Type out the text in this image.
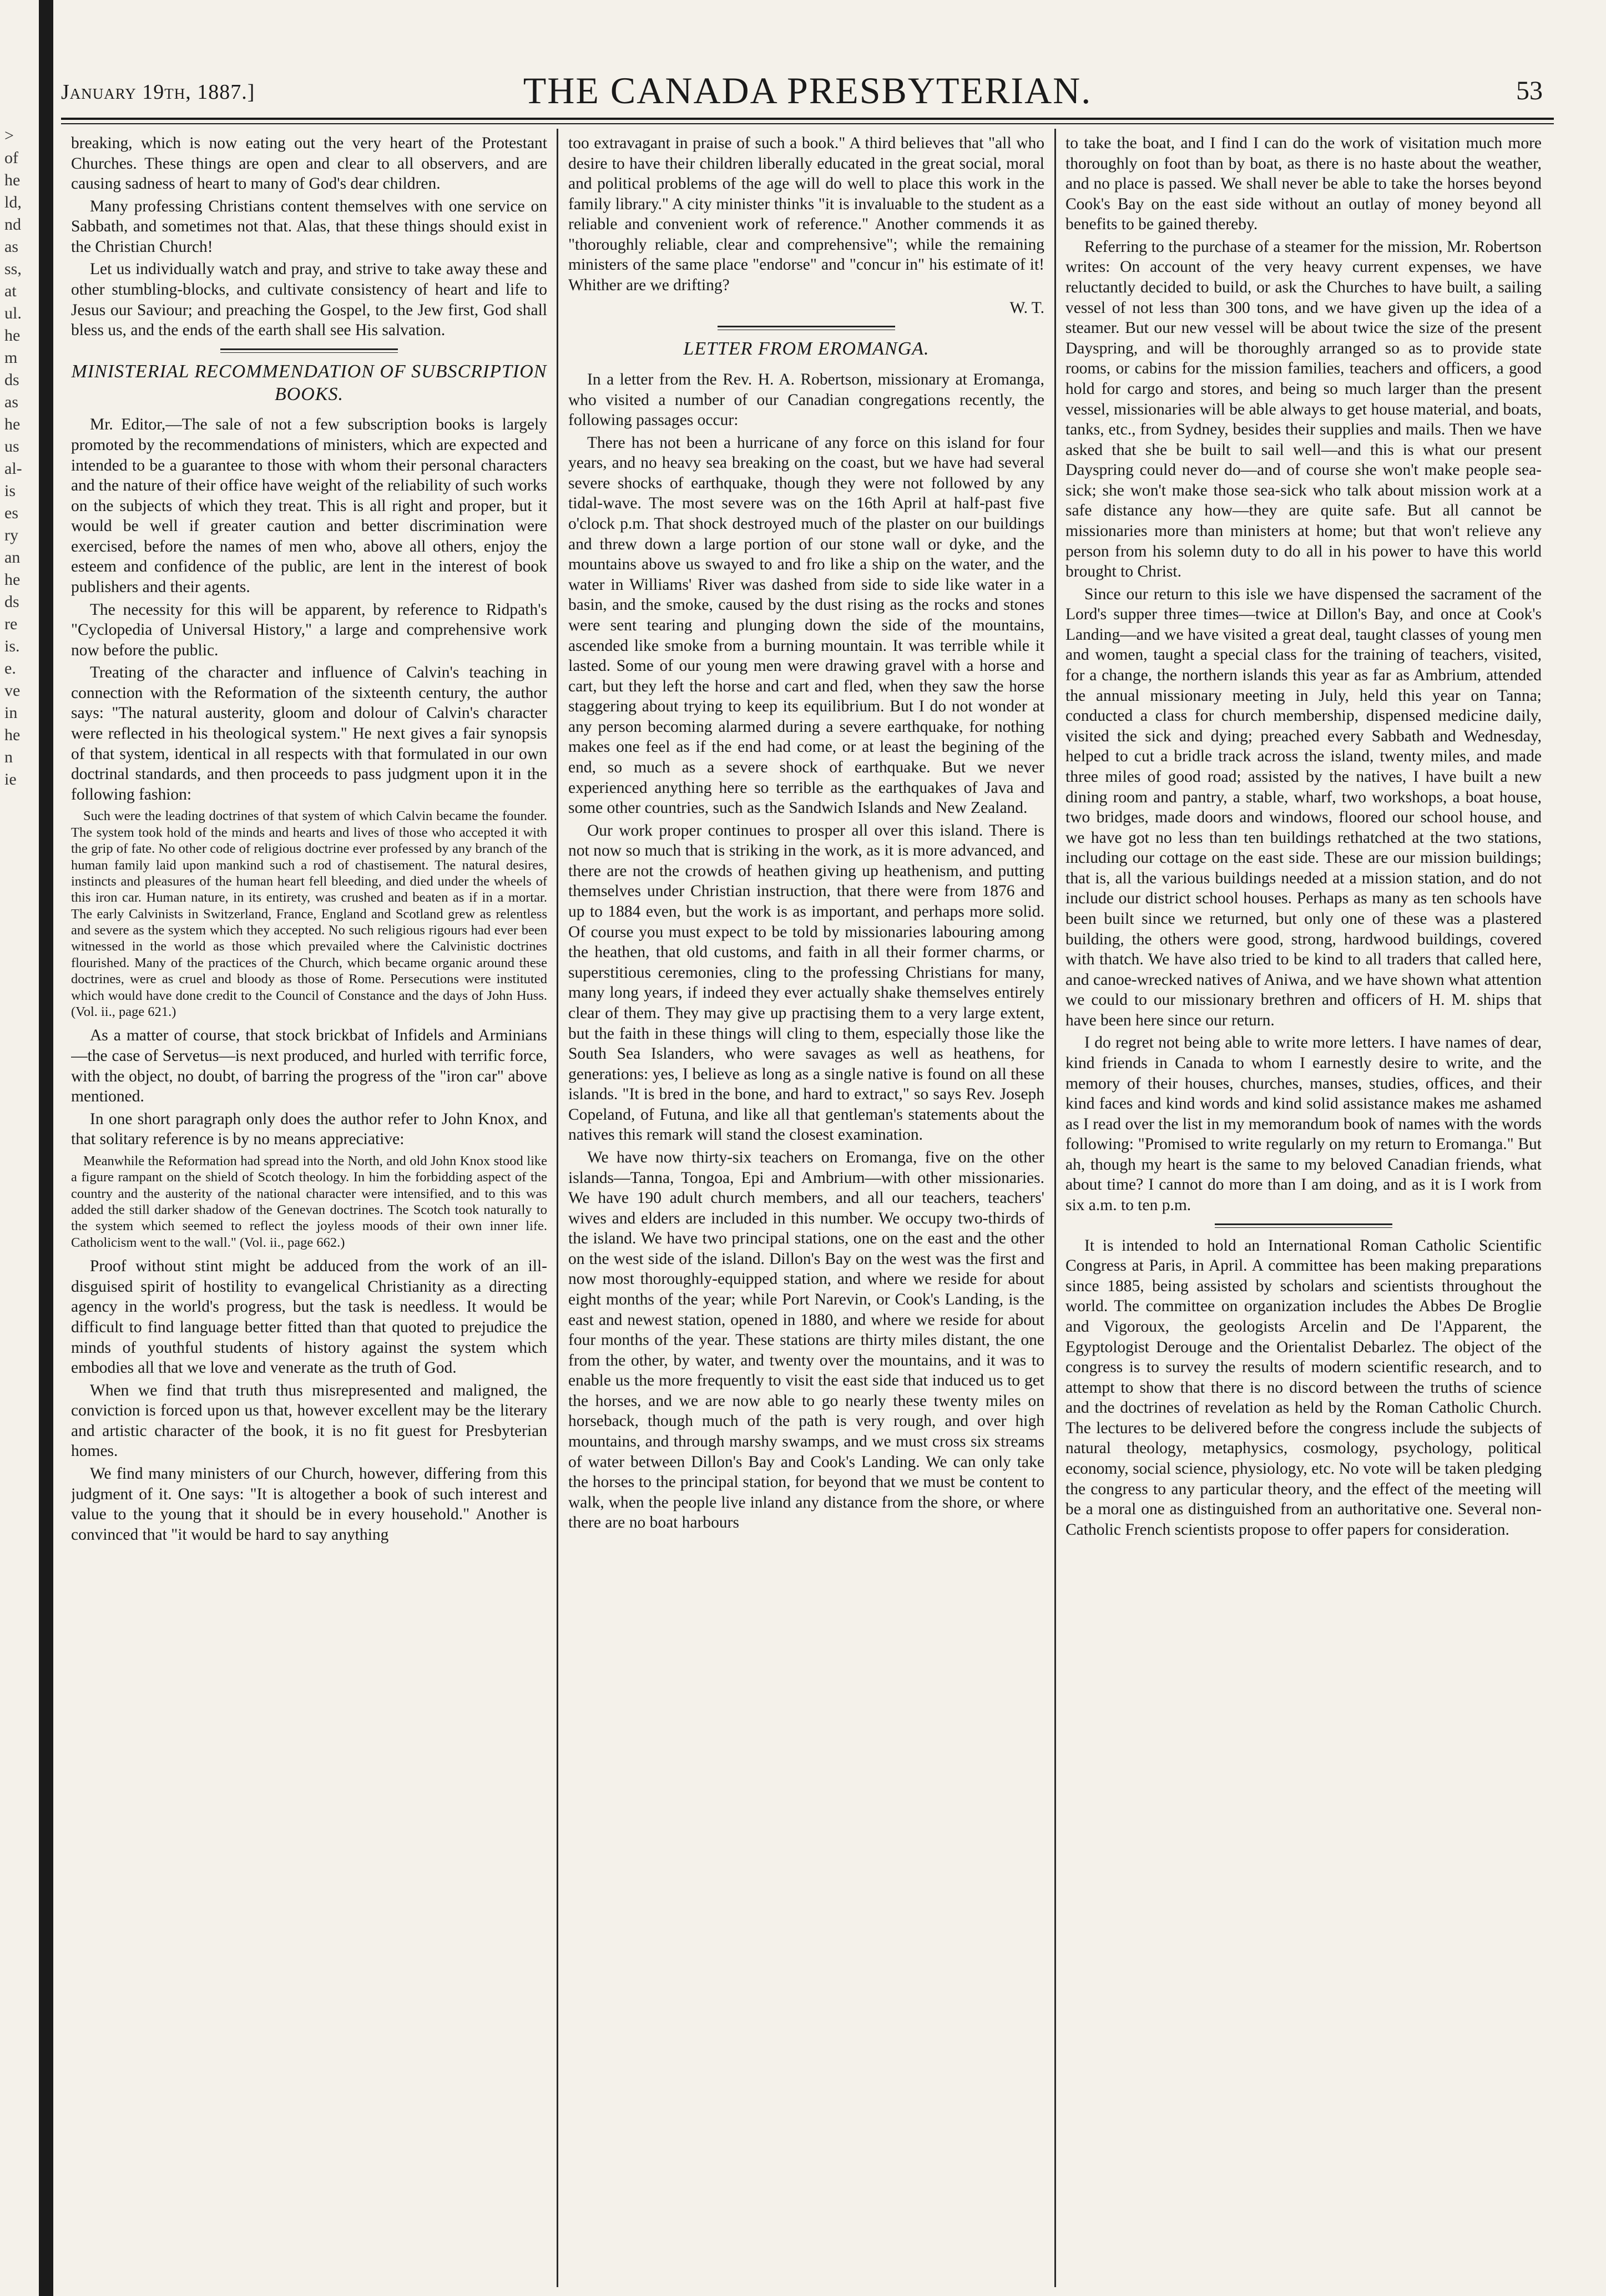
>
of
he
ld,
nd
as
ss,
at
ul.
he
m
ds
as
he
us
al-
is
es
ry
an
he
ds
re
is.
e.
ve
in
he
n
ie
January 19th, 1887.]	THE CANADA PRESBYTERIAN.	53

breaking, which is now eating out the very heart of the Protestant Churches. These things are open and clear to all observers, and are causing sadness of heart to many of God's dear children.

Many professing Christians content themselves with one service on Sabbath, and sometimes not that. Alas, that these things should exist in the Christian Church!

Let us individually watch and pray, and strive to take away these and other stumbling-blocks, and cultivate consistency of heart and life to Jesus our Saviour; and preaching the Gospel, to the Jew first, God shall bless us, and the ends of the earth shall see His salvation.

MINISTERIAL RECOMMENDATION OF SUBSCRIPTION BOOKS.

Mr. Editor,—The sale of not a few subscription books is largely promoted by the recommendations of ministers, which are expected and intended to be a guarantee to those with whom their personal characters and the nature of their office have weight of the reliability of such works on the subjects of which they treat. This is all right and proper, but it would be well if greater caution and better discrimination were exercised, before the names of men who, above all others, enjoy the esteem and confidence of the public, are lent in the interest of book publishers and their agents.

The necessity for this will be apparent, by reference to Ridpath's "Cyclopedia of Universal History," a large and comprehensive work now before the public.

Treating of the character and influence of Calvin's teaching in connection with the Reformation of the sixteenth century, the author says: "The natural austerity, gloom and dolour of Calvin's character were reflected in his theological system." He next gives a fair synopsis of that system, identical in all respects with that formulated in our own doctrinal standards, and then proceeds to pass judgment upon it in the following fashion:

Such were the leading doctrines of that system of which Calvin became the founder. The system took hold of the minds and hearts and lives of those who accepted it with the grip of fate. No other code of religious doctrine ever professed by any branch of the human family laid upon mankind such a rod of chastisement. The natural desires, instincts and pleasures of the human heart fell bleeding, and died under the wheels of this iron car. Human nature, in its entirety, was crushed and beaten as if in a mortar. The early Calvinists in Switzerland, France, England and Scotland grew as relentless and severe as the system which they accepted. No such religious rigours had ever been witnessed in the world as those which prevailed where the Calvinistic doctrines flourished. Many of the practices of the Church, which became organic around these doctrines, were as cruel and bloody as those of Rome. Persecutions were instituted which would have done credit to the Council of Constance and the days of John Huss. (Vol. ii., page 621.)

As a matter of course, that stock brickbat of Infidels and Arminians—the case of Servetus—is next produced, and hurled with terrific force, with the object, no doubt, of barring the progress of the "iron car" above mentioned.

In one short paragraph only does the author refer to John Knox, and that solitary reference is by no means appreciative:

Meanwhile the Reformation had spread into the North, and old John Knox stood like a figure rampant on the shield of Scotch theology. In him the forbidding aspect of the country and the austerity of the national character were intensified, and to this was added the still darker shadow of the Genevan doctrines. The Scotch took naturally to the system which seemed to reflect the joyless moods of their own inner life. Catholicism went to the wall." (Vol. ii., page 662.)

Proof without stint might be adduced from the work of an ill-disguised spirit of hostility to evangelical Christianity as a directing agency in the world's progress, but the task is needless. It would be difficult to find language better fitted than that quoted to prejudice the minds of youthful students of history against the system which embodies all that we love and venerate as the truth of God.

When we find that truth thus misrepresented and maligned, the conviction is forced upon us that, however excellent may be the literary and artistic character of the book, it is no fit guest for Presbyterian homes.

We find many ministers of our Church, however, differing from this judgment of it. One says: "It is altogether a book of such interest and value to the young that it should be in every household." Another is convinced that "it would be hard to say anything

too extravagant in praise of such a book." A third believes that "all who desire to have their children liberally educated in the great social, moral and political problems of the age will do well to place this work in the family library." A city minister thinks "it is invaluable to the student as a reliable and convenient work of reference." Another commends it as "thoroughly reliable, clear and comprehensive"; while the remaining ministers of the same place "endorse" and "concur in" his estimate of it! Whither are we drifting?

W. T.

LETTER FROM EROMANGA.

In a letter from the Rev. H. A. Robertson, missionary at Eromanga, who visited a number of our Canadian congregations recently, the following passages occur:

There has not been a hurricane of any force on this island for four years, and no heavy sea breaking on the coast, but we have had several severe shocks of earthquake, though they were not followed by any tidal-wave. The most severe was on the 16th April at half-past five o'clock p.m. That shock destroyed much of the plaster on our buildings and threw down a large portion of our stone wall or dyke, and the mountains above us swayed to and fro like a ship on the water, and the water in Williams' River was dashed from side to side like water in a basin, and the smoke, caused by the dust rising as the rocks and stones were sent tearing and plunging down the side of the mountains, ascended like smoke from a burning mountain. It was terrible while it lasted. Some of our young men were drawing gravel with a horse and cart, but they left the horse and cart and fled, when they saw the horse staggering about trying to keep its equilibrium. But I do not wonder at any person becoming alarmed during a severe earthquake, for nothing makes one feel as if the end had come, or at least the begining of the end, so much as a severe shock of earthquake. But we never experienced anything here so terrible as the earthquakes of Java and some other countries, such as the Sandwich Islands and New Zealand.

Our work proper continues to prosper all over this island. There is not now so much that is striking in the work, as it is more advanced, and there are not the crowds of heathen giving up heathenism, and putting themselves under Christian instruction, that there were from 1876 and up to 1884 even, but the work is as important, and perhaps more solid. Of course you must expect to be told by missionaries labouring among the heathen, that old customs, and faith in all their former charms, or superstitious ceremonies, cling to the professing Christians for many, many long years, if indeed they ever actually shake themselves entirely clear of them. They may give up practising them to a very large extent, but the faith in these things will cling to them, especially those like the South Sea Islanders, who were savages as well as heathens, for generations: yes, I believe as long as a single native is found on all these islands. "It is bred in the bone, and hard to extract," so says Rev. Joseph Copeland, of Futuna, and like all that gentleman's statements about the natives this remark will stand the closest examination.

We have now thirty-six teachers on Eromanga, five on the other islands—Tanna, Tongoa, Epi and Ambrium—with other missionaries. We have 190 adult church members, and all our teachers, teachers' wives and elders are included in this number. We occupy two-thirds of the island. We have two principal stations, one on the east and the other on the west side of the island. Dillon's Bay on the west was the first and now most thoroughly-equipped station, and where we reside for about eight months of the year; while Port Narevin, or Cook's Landing, is the east and newest station, opened in 1880, and where we reside for about four months of the year. These stations are thirty miles distant, the one from the other, by water, and twenty over the mountains, and it was to enable us the more frequently to visit the east side that induced us to get the horses, and we are now able to go nearly these twenty miles on horseback, though much of the path is very rough, and over high mountains, and through marshy swamps, and we must cross six streams of water between Dillon's Bay and Cook's Landing. We can only take the horses to the principal station, for beyond that we must be content to walk, when the people live inland any distance from the shore, or where there are no boat harbours

to take the boat, and I find I can do the work of visitation much more thoroughly on foot than by boat, as there is no haste about the weather, and no place is passed. We shall never be able to take the horses beyond Cook's Bay on the east side without an outlay of money beyond all benefits to be gained thereby.

Referring to the purchase of a steamer for the mission, Mr. Robertson writes: On account of the very heavy current expenses, we have reluctantly decided to build, or ask the Churches to have built, a sailing vessel of not less than 300 tons, and we have given up the idea of a steamer. But our new vessel will be about twice the size of the present Dayspring, and will be thoroughly arranged so as to provide state rooms, or cabins for the mission families, teachers and officers, a good hold for cargo and stores, and being so much larger than the present vessel, missionaries will be able always to get house material, and boats, tanks, etc., from Sydney, besides their supplies and mails. Then we have asked that she be built to sail well—and this is what our present Dayspring could never do—and of course she won't make people sea-sick; she won't make those sea-sick who talk about mission work at a safe distance any how—they are quite safe. But all cannot be missionaries more than ministers at home; but that won't relieve any person from his solemn duty to do all in his power to have this world brought to Christ.

Since our return to this isle we have dispensed the sacrament of the Lord's supper three times—twice at Dillon's Bay, and once at Cook's Landing—and we have visited a great deal, taught classes of young men and women, taught a special class for the training of teachers, visited, for a change, the northern islands this year as far as Ambrium, attended the annual missionary meeting in July, held this year on Tanna; conducted a class for church membership, dispensed medicine daily, visited the sick and dying; preached every Sabbath and Wednesday, helped to cut a bridle track across the island, twenty miles, and made three miles of good road; assisted by the natives, I have built a new dining room and pantry, a stable, wharf, two workshops, a boat house, two bridges, made doors and windows, floored our school house, and we have got no less than ten buildings rethatched at the two stations, including our cottage on the east side. These are our mission buildings; that is, all the various buildings needed at a mission station, and do not include our district school houses. Perhaps as many as ten schools have been built since we returned, but only one of these was a plastered building, the others were good, strong, hardwood buildings, covered with thatch. We have also tried to be kind to all traders that called here, and canoe-wrecked natives of Aniwa, and we have shown what attention we could to our missionary brethren and officers of H. M. ships that have been here since our return.

I do regret not being able to write more letters. I have names of dear, kind friends in Canada to whom I earnestly desire to write, and the memory of their houses, churches, manses, studies, offices, and their kind faces and kind words and kind solid assistance makes me ashamed as I read over the list in my memorandum book of names with the words following: "Promised to write regularly on my return to Eromanga." But ah, though my heart is the same to my beloved Canadian friends, what about time? I cannot do more than I am doing, and as it is I work from six a.m. to ten p.m.

It is intended to hold an International Roman Catholic Scientific Congress at Paris, in April. A committee has been making preparations since 1885, being assisted by scholars and scientists throughout the world. The committee on organization includes the Abbes De Broglie and Vigoroux, the geologists Arcelin and De l'Apparent, the Egyptologist Derouge and the Orientalist Debarlez. The object of the congress is to survey the results of modern scientific research, and to attempt to show that there is no discord between the truths of science and the doctrines of revelation as held by the Roman Catholic Church. The lectures to be delivered before the congress include the subjects of natural theology, metaphysics, cosmology, psychology, political economy, social science, physiology, etc. No vote will be taken pledging the congress to any particular theory, and the effect of the meeting will be a moral one as distinguished from an authoritative one. Several non-Catholic French scientists propose to offer papers for consideration.
